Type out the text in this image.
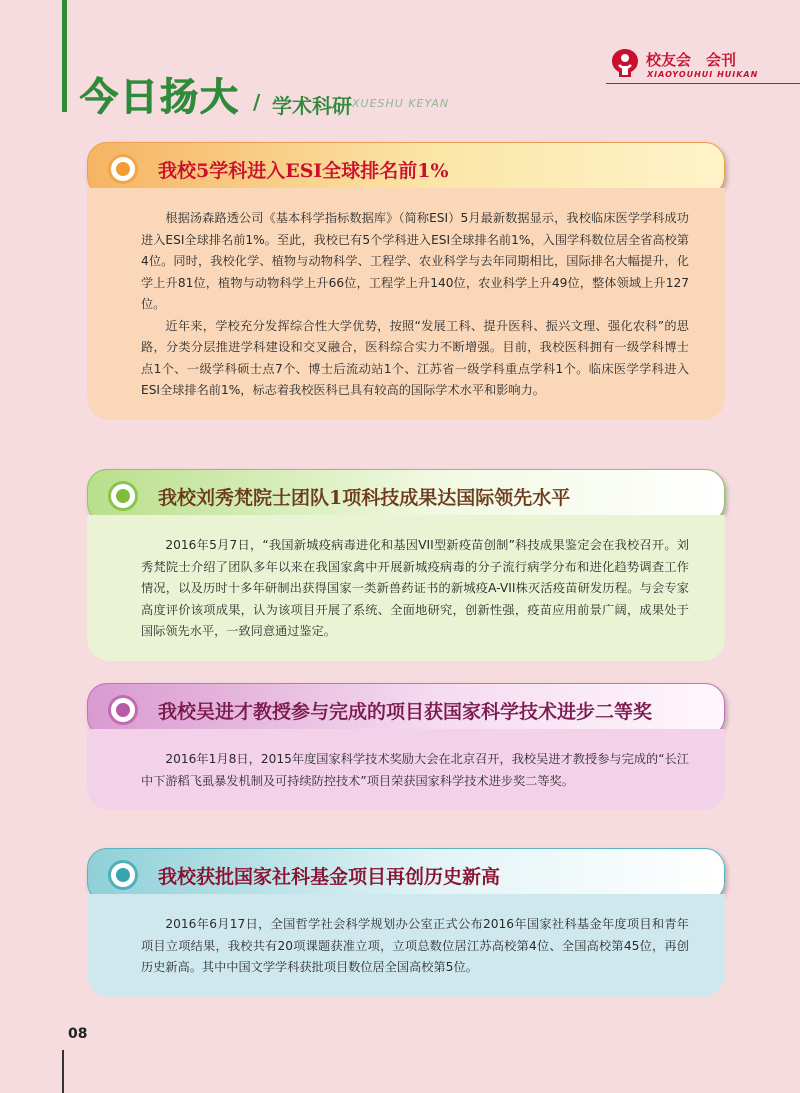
今日扬大 / 学术科研 XUESHU KEYAN
校友会 会刊
XIAOYOUHUI HUIKAN
我校5学科进入ESI全球排名前1%

根据汤森路透公司《基本科学指标数据库》（简称ESI）5月最新数据显示，我校临床医学学科成功进入ESI全球排名前1%。至此，我校已有5个学科进入ESI全球排名前1%，入围学科数位居全省高校第4位。同时，我校化学、植物与动物科学、工程学、农业科学与去年同期相比，国际排名大幅提升，化学上升81位，植物与动物科学上升66位，工程学上升140位，农业科学上升49位，整体领域上升127位。

近年来，学校充分发挥综合性大学优势，按照“发展工科、提升医科、振兴文理、强化农科”的思路，分类分层推进学科建设和交叉融合，医科综合实力不断增强。目前，我校医科拥有一级学科博士点1个、一级学科硕士点7个、博士后流动站1个、江苏省一级学科重点学科1个。临床医学学科进入ESI全球排名前1%，标志着我校医科已具有较高的国际学术水平和影响力。

我校刘秀梵院士团队1项科技成果达国际领先水平

2016年5月7日，“我国新城疫病毒进化和基因VII型新疫苗创制”科技成果鉴定会在我校召开。刘秀梵院士介绍了团队多年以来在我国家禽中开展新城疫病毒的分子流行病学分布和进化趋势调查工作情况，以及历时十多年研制出获得国家一类新兽药证书的新城疫A-VII株灭活疫苗研发历程。与会专家高度评价该项成果，认为该项目开展了系统、全面地研究，创新性强，疫苗应用前景广阔，成果处于国际领先水平，一致同意通过鉴定。

我校吴进才教授参与完成的项目获国家科学技术进步二等奖

2016年1月8日，2015年度国家科学技术奖励大会在北京召开，我校吴进才教授参与完成的“长江中下游稻飞虱暴发机制及可持续防控技术”项目荣获国家科学技术进步奖二等奖。

我校获批国家社科基金项目再创历史新高

2016年6月17日，全国哲学社会科学规划办公室正式公布2016年国家社科基金年度项目和青年项目立项结果，我校共有20项课题获准立项，立项总数位居江苏高校第4位、全国高校第45位，再创历史新高。其中中国文学学科获批项目数位居全国高校第5位。

08
